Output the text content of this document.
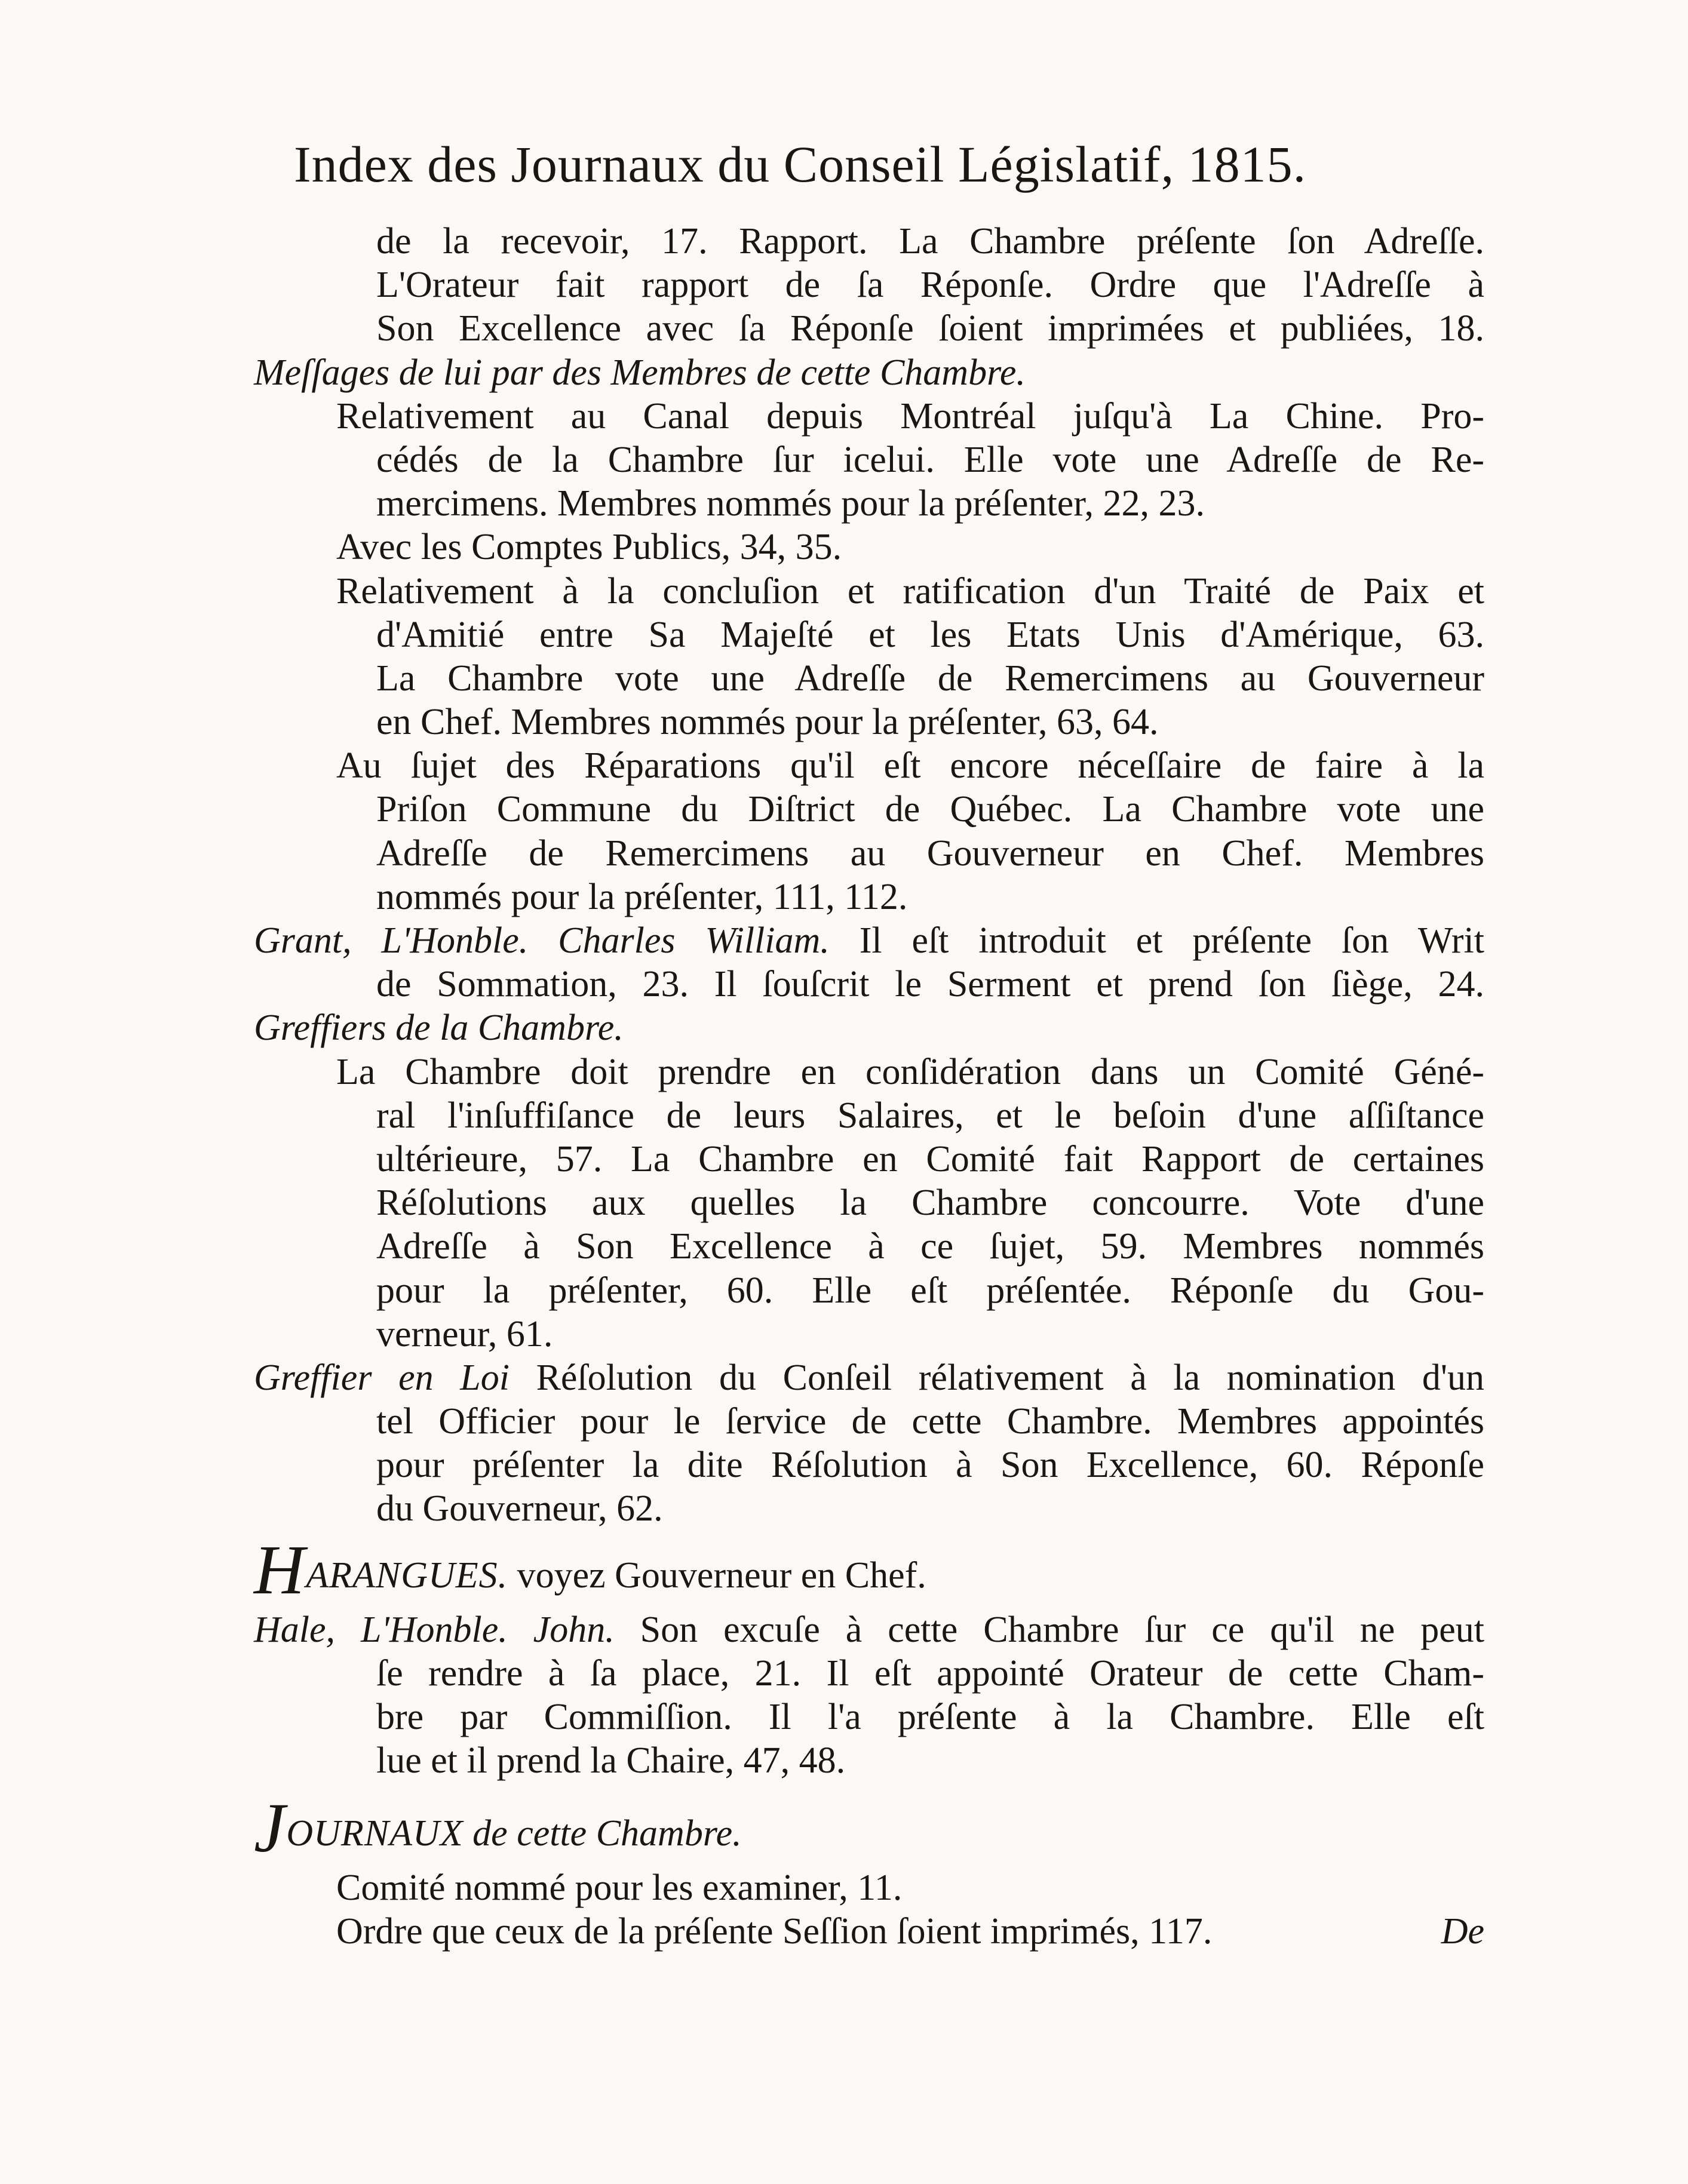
Index des Journaux du Conseil Législatif, 1815.
de la recevoir, 17. Rapport. La Chambre préſente ſon Adreſſe.
L'Orateur fait rapport de ſa Réponſe. Ordre que l'Adreſſe à
Son Excellence avec ſa Réponſe ſoient imprimées et publiées, 18.
Meſſages de lui par des Membres de cette Chambre.
Relativement au Canal depuis Montréal juſqu'à La Chine. Pro-
cédés de la Chambre ſur icelui. Elle vote une Adreſſe de Re-
mercimens. Membres nommés pour la préſenter, 22, 23.
Avec les Comptes Publics, 34, 35.
Relativement à la concluſion et ratification d'un Traité de Paix et
d'Amitié entre Sa Majeſté et les Etats Unis d'Amérique, 63.
La Chambre vote une Adreſſe de Remercimens au Gouverneur
en Chef. Membres nommés pour la préſenter, 63, 64.
Au ſujet des Réparations qu'il eſt encore néceſſaire de faire à la
Priſon Commune du Diſtrict de Québec. La Chambre vote une
Adreſſe de Remercimens au Gouverneur en Chef. Membres
nommés pour la préſenter, 111, 112.
Grant, L'Honble. Charles William. Il eſt introduit et préſente ſon Writ
de Sommation, 23. Il ſouſcrit le Serment et prend ſon ſiège, 24.
Greffiers de la Chambre.
La Chambre doit prendre en conſidération dans un Comité Géné-
ral l'inſuffiſance de leurs Salaires, et le beſoin d'une aſſiſtance
ultérieure, 57. La Chambre en Comité fait Rapport de certaines
Réſolutions aux quelles la Chambre concourre. Vote d'une
Adreſſe à Son Excellence à ce ſujet, 59. Membres nommés
pour la préſenter, 60. Elle eſt préſentée. Réponſe du Gou-
verneur, 61.
Greffier en Loi Réſolution du Conſeil rélativement à la nomination d'un
tel Officier pour le ſervice de cette Chambre. Membres appointés
pour préſenter la dite Réſolution à Son Excellence, 60. Réponſe
du Gouverneur, 62.
HARANGUES. voyez Gouverneur en Chef.
Hale, L'Honble. John. Son excuſe à cette Chambre ſur ce qu'il ne peut
ſe rendre à ſa place, 21. Il eſt appointé Orateur de cette Cham-
bre par Commiſſion. Il l'a préſente à la Chambre. Elle eſt
lue et il prend la Chaire, 47, 48.
JOURNAUX de cette Chambre.
Comité nommé pour les examiner, 11.
Ordre que ceux de la préſente Seſſion ſoient imprimés, 117.	De
